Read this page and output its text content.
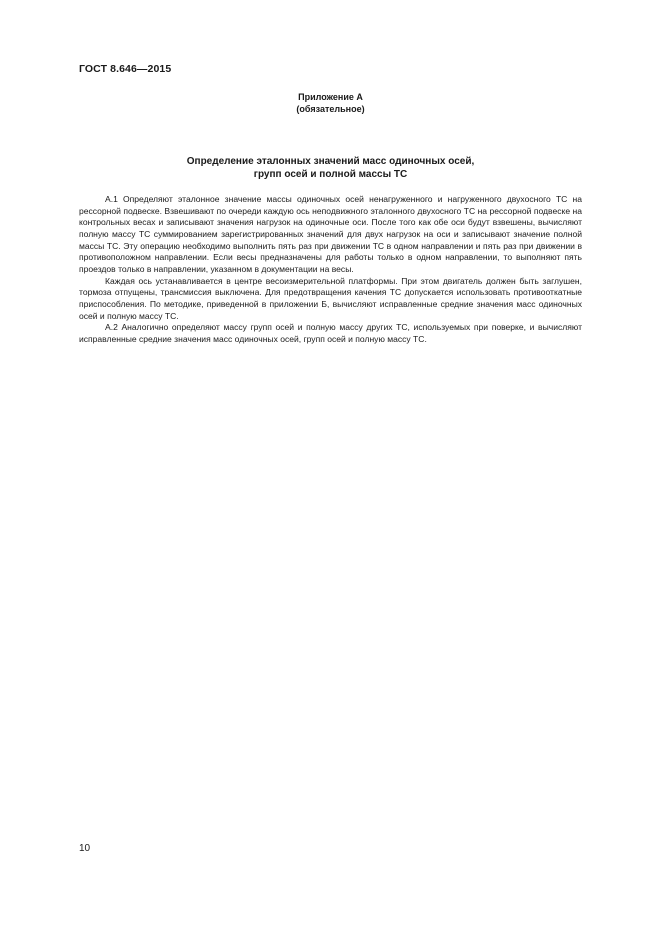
ГОСТ 8.646—2015
Приложение А
(обязательное)
Определение эталонных значений масс одиночных осей,
групп осей и полной массы ТС

А.1 Определяют эталонное значение массы одиночных осей ненагруженного и нагруженного двухосного ТС на рессорной подвеске. Взвешивают по очереди каждую ось неподвижного эталонного двухосного ТС на рессорной подвеске на контрольных весах и записывают значения нагрузок на одиночные оси. После того как обе оси будут взвешены, вычисляют полную массу ТС суммированием зарегистрированных значений для двух нагрузок на оси и записывают значение полной массы ТС. Эту операцию необходимо выполнить пять раз при движении ТС в одном направлении и пять раз при движении в противоположном направлении. Если весы предназначены для работы только в одном направлении, то выполняют пять проездов только в направлении, указанном в документации на весы.

Каждая ось устанавливается в центре весоизмерительной платформы. При этом двигатель должен быть заглушен, тормоза отпущены, трансмиссия выключена. Для предотвращения качения ТС допускается использовать противооткатные приспособления. По методике, приведенной в приложении Б, вычисляют исправленные средние значения масс одиночных осей и полную массу ТС.

А.2 Аналогично определяют массу групп осей и полную массу других ТС, используемых при поверке, и вычисляют исправленные средние значения масс одиночных осей, групп осей и полную массу ТС.

10
